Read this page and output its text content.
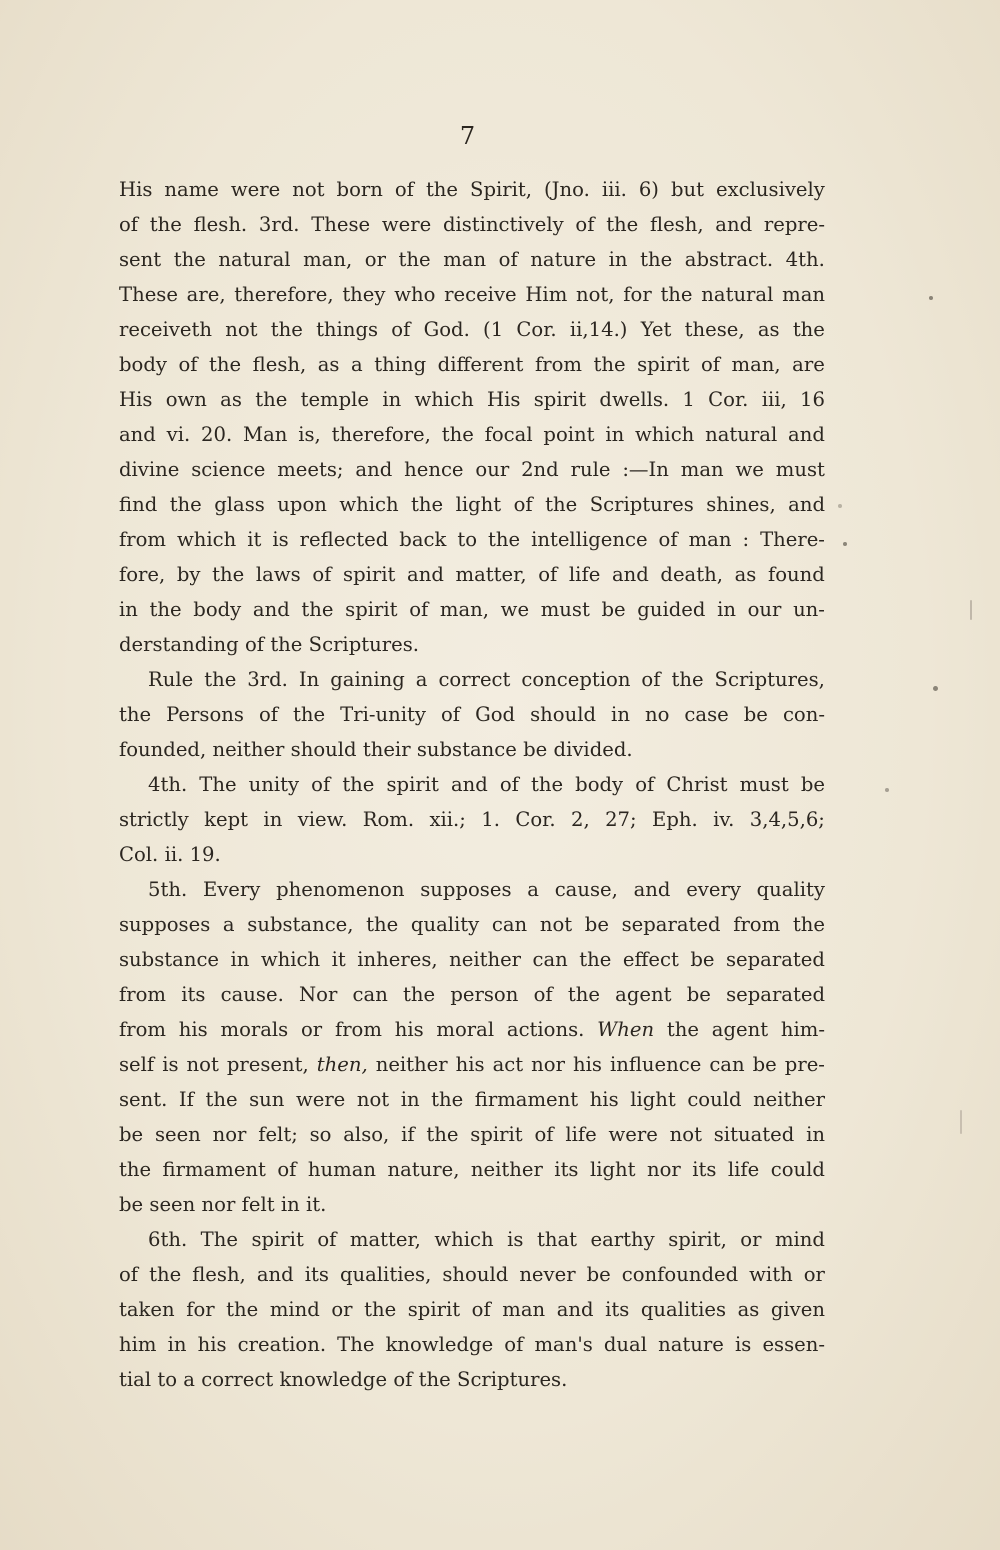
7
His name were not born of the Spirit, (Jno. iii. 6) but exclusively
of the flesh. 3rd. These were distinctively of the flesh, and repre-
sent the natural man, or the man of nature in the abstract. 4th.
These are, therefore, they who receive Him not, for the natural man
receiveth not the things of God. (1 Cor. ii,14.) Yet these, as the
body of the flesh, as a thing different from the spirit of man, are
His own as the temple in which His spirit dwells. 1 Cor. iii, 16
and vi. 20. Man is, therefore, the focal point in which natural and
divine science meets; and hence our 2nd rule :—In man we must
find the glass upon which the light of the Scriptures shines, and
from which it is reflected back to the intelligence of man : There-
fore, by the laws of spirit and matter, of life and death, as found
in the body and the spirit of man, we must be guided in our un-
derstanding of the Scriptures.
Rule the 3rd. In gaining a correct conception of the Scriptures,
the Persons of the Tri-unity of God should in no case be con-
founded, neither should their substance be divided.
4th. The unity of the spirit and of the body of Christ must be
strictly kept in view. Rom. xii.; 1. Cor. 2, 27; Eph. iv. 3,4,5,6;
Col. ii. 19.
5th. Every phenomenon supposes a cause, and every quality
supposes a substance, the quality can not be separated from the
substance in which it inheres, neither can the effect be separated
from its cause. Nor can the person of the agent be separated
from his morals or from his moral actions. When the agent him-
self is not present, then, neither his act nor his influence can be pre-
sent. If the sun were not in the firmament his light could neither
be seen nor felt; so also, if the spirit of life were not situated in
the firmament of human nature, neither its light nor its life could
be seen nor felt in it.
6th. The spirit of matter, which is that earthy spirit, or mind
of the flesh, and its qualities, should never be confounded with or
taken for the mind or the spirit of man and its qualities as given
him in his creation. The knowledge of man's dual nature is essen-
tial to a correct knowledge of the Scriptures.
